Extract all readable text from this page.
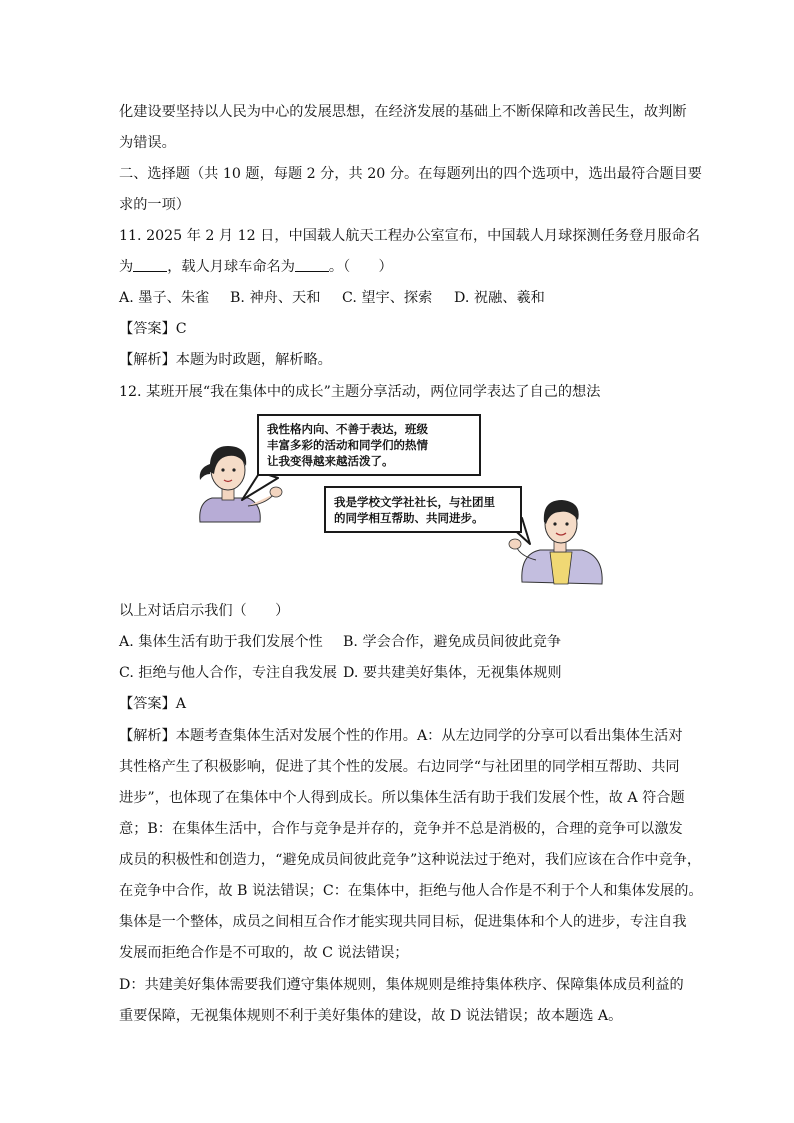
化建设要坚持以人民为中心的发展思想，在经济发展的基础上不断保障和改善民生，故判断
为错误。
二、选择题（共 10 题，每题 2 分，共 20 分。在每题列出的四个选项中，选出最符合题目要
求的一项）
11. 2025 年 2 月 12 日，中国载人航天工程办公室宣布，中国载人月球探测任务登月服命名
为 ，载人月球车命名为 。（　　）
A. 墨子、朱雀 B. 神舟、天和 C. 望宇、探索 D. 祝融、羲和
【答案】C
【解析】本题为时政题，解析略。
12. 某班开展“我在集体中的成长”主题分享活动，两位同学表达了自己的想法
我性格内向、不善于表达，班级
丰富多彩的活动和同学们的热情
让我变得越来越活泼了。
我是学校文学社社长，与社团里
的同学相互帮助、共同进步。
以上对话启示我们（　　）
A. 集体生活有助于我们发展个性 B. 学会合作，避免成员间彼此竞争
C. 拒绝与他人合作，专注自我发展 D. 要共建美好集体，无视集体规则
【答案】A
【解析】本题考查集体生活对发展个性的作用。A：从左边同学的分享可以看出集体生活对
其性格产生了积极影响，促进了其个性的发展。右边同学“与社团里的同学相互帮助、共同
进步”，也体现了在集体中个人得到成长。所以集体生活有助于我们发展个性，故 A 符合题
意；B：在集体生活中，合作与竞争是并存的，竞争并不总是消极的，合理的竞争可以激发
成员的积极性和创造力，“避免成员间彼此竞争”这种说法过于绝对，我们应该在合作中竞争，
在竞争中合作，故 B 说法错误；C：在集体中，拒绝与他人合作是不利于个人和集体发展的。
集体是一个整体，成员之间相互合作才能实现共同目标，促进集体和个人的进步，专注自我
发展而拒绝合作是不可取的，故 C 说法错误；
D：共建美好集体需要我们遵守集体规则，集体规则是维持集体秩序、保障集体成员利益的
重要保障，无视集体规则不利于美好集体的建设，故 D 说法错误；故本题选 A。
